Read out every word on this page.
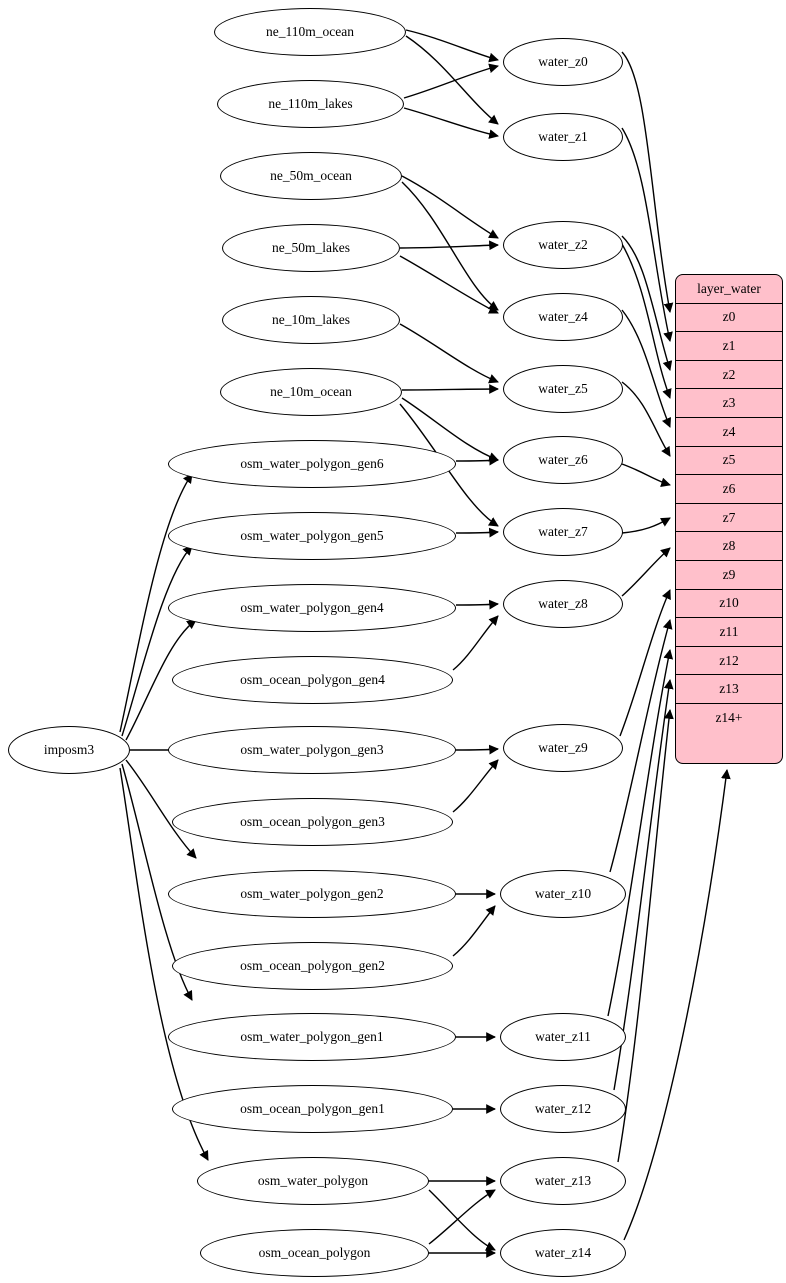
imposm3
ne_110m_ocean
ne_110m_lakes
ne_50m_ocean
ne_50m_lakes
ne_10m_lakes
ne_10m_ocean
osm_water_polygon_gen6
osm_water_polygon_gen5
osm_water_polygon_gen4
osm_ocean_polygon_gen4
osm_water_polygon_gen3
osm_ocean_polygon_gen3
osm_water_polygon_gen2
osm_ocean_polygon_gen2
osm_water_polygon_gen1
osm_ocean_polygon_gen1
osm_water_polygon
osm_ocean_polygon
water_z0
water_z1
water_z2
water_z4
water_z5
water_z6
water_z7
water_z8
water_z9
water_z10
water_z11
water_z12
water_z13
water_z14
layer_water
z0
z1
z2
z3
z4
z5
z6
z7
z8
z9
z10
z11
z12
z13
z14+
